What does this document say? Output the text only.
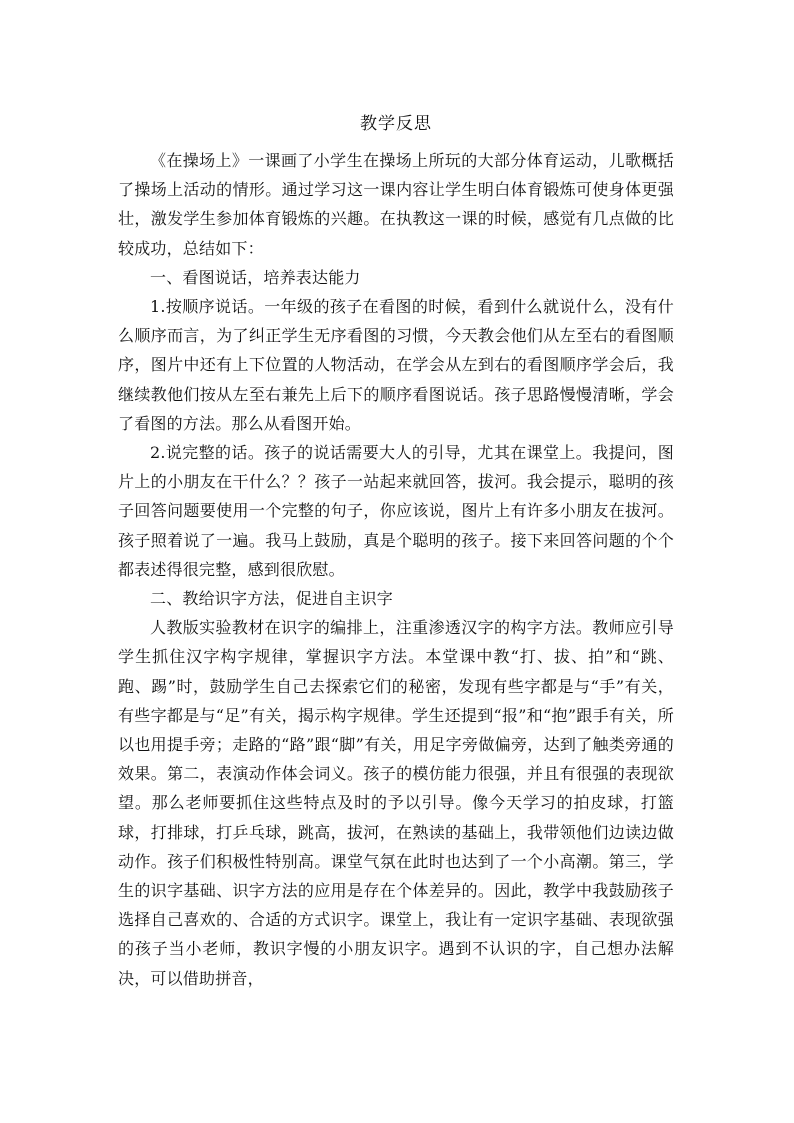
教学反思

《在操场上》一课画了小学生在操场上所玩的大部分体育运动，儿歌概括了操场上活动的情形。通过学习这一课内容让学生明白体育锻炼可使身体更强壮，激发学生参加体育锻炼的兴趣。在执教这一课的时候，感觉有几点做的比较成功，总结如下：

一、看图说话，培养表达能力

1.按顺序说话。一年级的孩子在看图的时候，看到什么就说什么，没有什么顺序而言，为了纠正学生无序看图的习惯，今天教会他们从左至右的看图顺序，图片中还有上下位置的人物活动，在学会从左到右的看图顺序学会后，我继续教他们按从左至右兼先上后下的顺序看图说话。孩子思路慢慢清晰，学会了看图的方法。那么从看图开始。

2.说完整的话。孩子的说话需要大人的引导，尤其在课堂上。我提问，图片上的小朋友在干什么？？孩子一站起来就回答，拔河。我会提示，聪明的孩子回答问题要使用一个完整的句子，你应该说，图片上有许多小朋友在拔河。孩子照着说了一遍。我马上鼓励，真是个聪明的孩子。接下来回答问题的个个都表述得很完整，感到很欣慰。

二、教给识字方法，促进自主识字

人教版实验教材在识字的编排上，注重渗透汉字的构字方法。教师应引导学生抓住汉字构字规律，掌握识字方法。本堂课中教“打、拔、拍”和“跳、跑、踢”时，鼓励学生自己去探索它们的秘密，发现有些字都是与“手”有关，有些字都是与“足”有关，揭示构字规律。学生还提到“报”和“抱”跟手有关，所以也用提手旁；走路的“路”跟“脚”有关，用足字旁做偏旁，达到了触类旁通的效果。第二，表演动作体会词义。孩子的模仿能力很强，并且有很强的表现欲望。那么老师要抓住这些特点及时的予以引导。像今天学习的拍皮球，打篮球，打排球，打乒乓球，跳高，拔河，在熟读的基础上，我带领他们边读边做动作。孩子们积极性特别高。课堂气氛在此时也达到了一个小高潮。第三，学生的识字基础、识字方法的应用是存在个体差异的。因此，教学中我鼓励孩子选择自己喜欢的、合适的方式识字。课堂上，我让有一定识字基础、表现欲强的孩子当小老师，教识字慢的小朋友识字。遇到不认识的字，自己想办法解决，可以借助拼音，
